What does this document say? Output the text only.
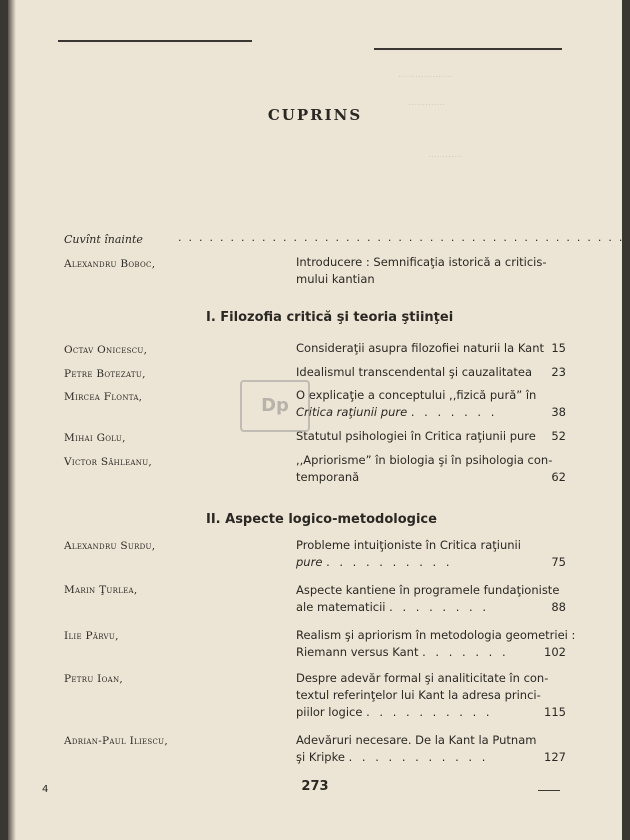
...................
.............
............
CUPRINS
Cuvînt înainte	...........................................
Alexandru Boboc,	Introducere : Semnificaţia istorică a criticis-
mului kantian
I. Filozofia critică şi teoria ştiinţei
Octav Onicescu,	Consideraţii asupra filozofiei naturii la Kant 15
Petre Botezatu,	Idealismul transcendental şi cauzalitatea 23
Mircea Flonta,	O explicaţie a conceptului ,,fizică pură” în
Critica raţiunii pure . . . . . . .	38
Mihai Golu,	Statutul psihologiei în Critica raţiunii pure 52
Victor Săhleanu,	,,Apriorisme” în biologia şi în psihologia con-
temporană	62
II. Aspecte logico-metodologice
Alexandru Surdu,	Probleme intuiţioniste în Critica raţiunii
pure . . . . . . . . . .	75
Marin Ţurlea,	Aspecte kantiene în programele fundaţioniste
ale matematicii . . . . . . . .	88
Ilie Pârvu,	Realism şi apriorism în metodologia geometriei :
Riemann versus Kant . . . . . . .	102
Petru Ioan,	Despre adevăr formal şi analiticitate în con-
textul referinţelor lui Kant la adresa princi-
piilor logice . . . . . . . . . .	115
Adrian-Paul Iliescu,	Adevăruri necesare. De la Kant la Putnam
şi Kripke . . . . . . . . . . .	127
Dp
4	273
